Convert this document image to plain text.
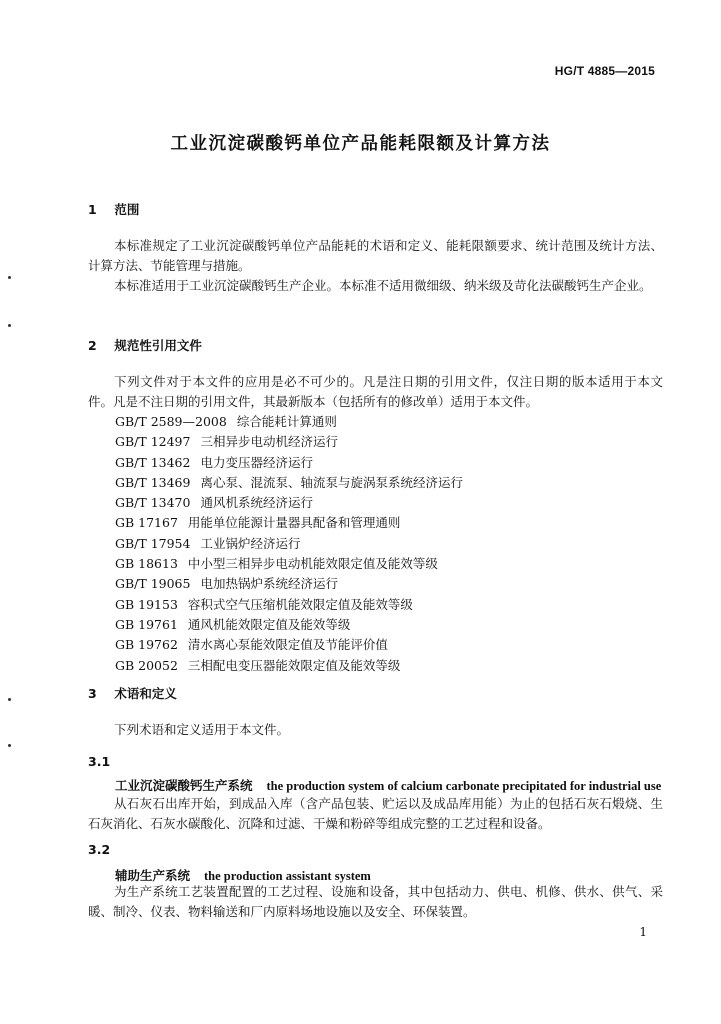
HG/T 4885—2015
工业沉淀碳酸钙单位产品能耗限额及计算方法
1 范围
本标准规定了工业沉淀碳酸钙单位产品能耗的术语和定义、能耗限额要求、统计范围及统计方法、计算方法、节能管理与措施。
本标准适用于工业沉淀碳酸钙生产企业。本标准不适用微细级、纳米级及苛化法碳酸钙生产企业。
2 规范性引用文件
下列文件对于本文件的应用是必不可少的。凡是注日期的引用文件，仅注日期的版本适用于本文件。凡是不注日期的引用文件，其最新版本（包括所有的修改单）适用于本文件。
GB/T 2589—2008 综合能耗计算通则
GB/T 12497 三相异步电动机经济运行
GB/T 13462 电力变压器经济运行
GB/T 13469 离心泵、混流泵、轴流泵与旋涡泵系统经济运行
GB/T 13470 通风机系统经济运行
GB 17167 用能单位能源计量器具配备和管理通则
GB/T 17954 工业锅炉经济运行
GB 18613 中小型三相异步电动机能效限定值及能效等级
GB/T 19065 电加热锅炉系统经济运行
GB 19153 容积式空气压缩机能效限定值及能效等级
GB 19761 通风机能效限定值及能效等级
GB 19762 清水离心泵能效限定值及节能评价值
GB 20052 三相配电变压器能效限定值及能效等级
3 术语和定义
下列术语和定义适用于本文件。
3.1
工业沉淀碳酸钙生产系统 the production system of calcium carbonate precipitated for industrial use
从石灰石出库开始，到成品入库（含产品包装、贮运以及成品库用能）为止的包括石灰石煅烧、生石灰消化、石灰水碳酸化、沉降和过滤、干燥和粉碎等组成完整的工艺过程和设备。
3.2
辅助生产系统 the production assistant system
为生产系统工艺装置配置的工艺过程、设施和设备，其中包括动力、供电、机修、供水、供气、采暖、制冷、仪表、物料输送和厂内原料场地设施以及安全、环保装置。
1
